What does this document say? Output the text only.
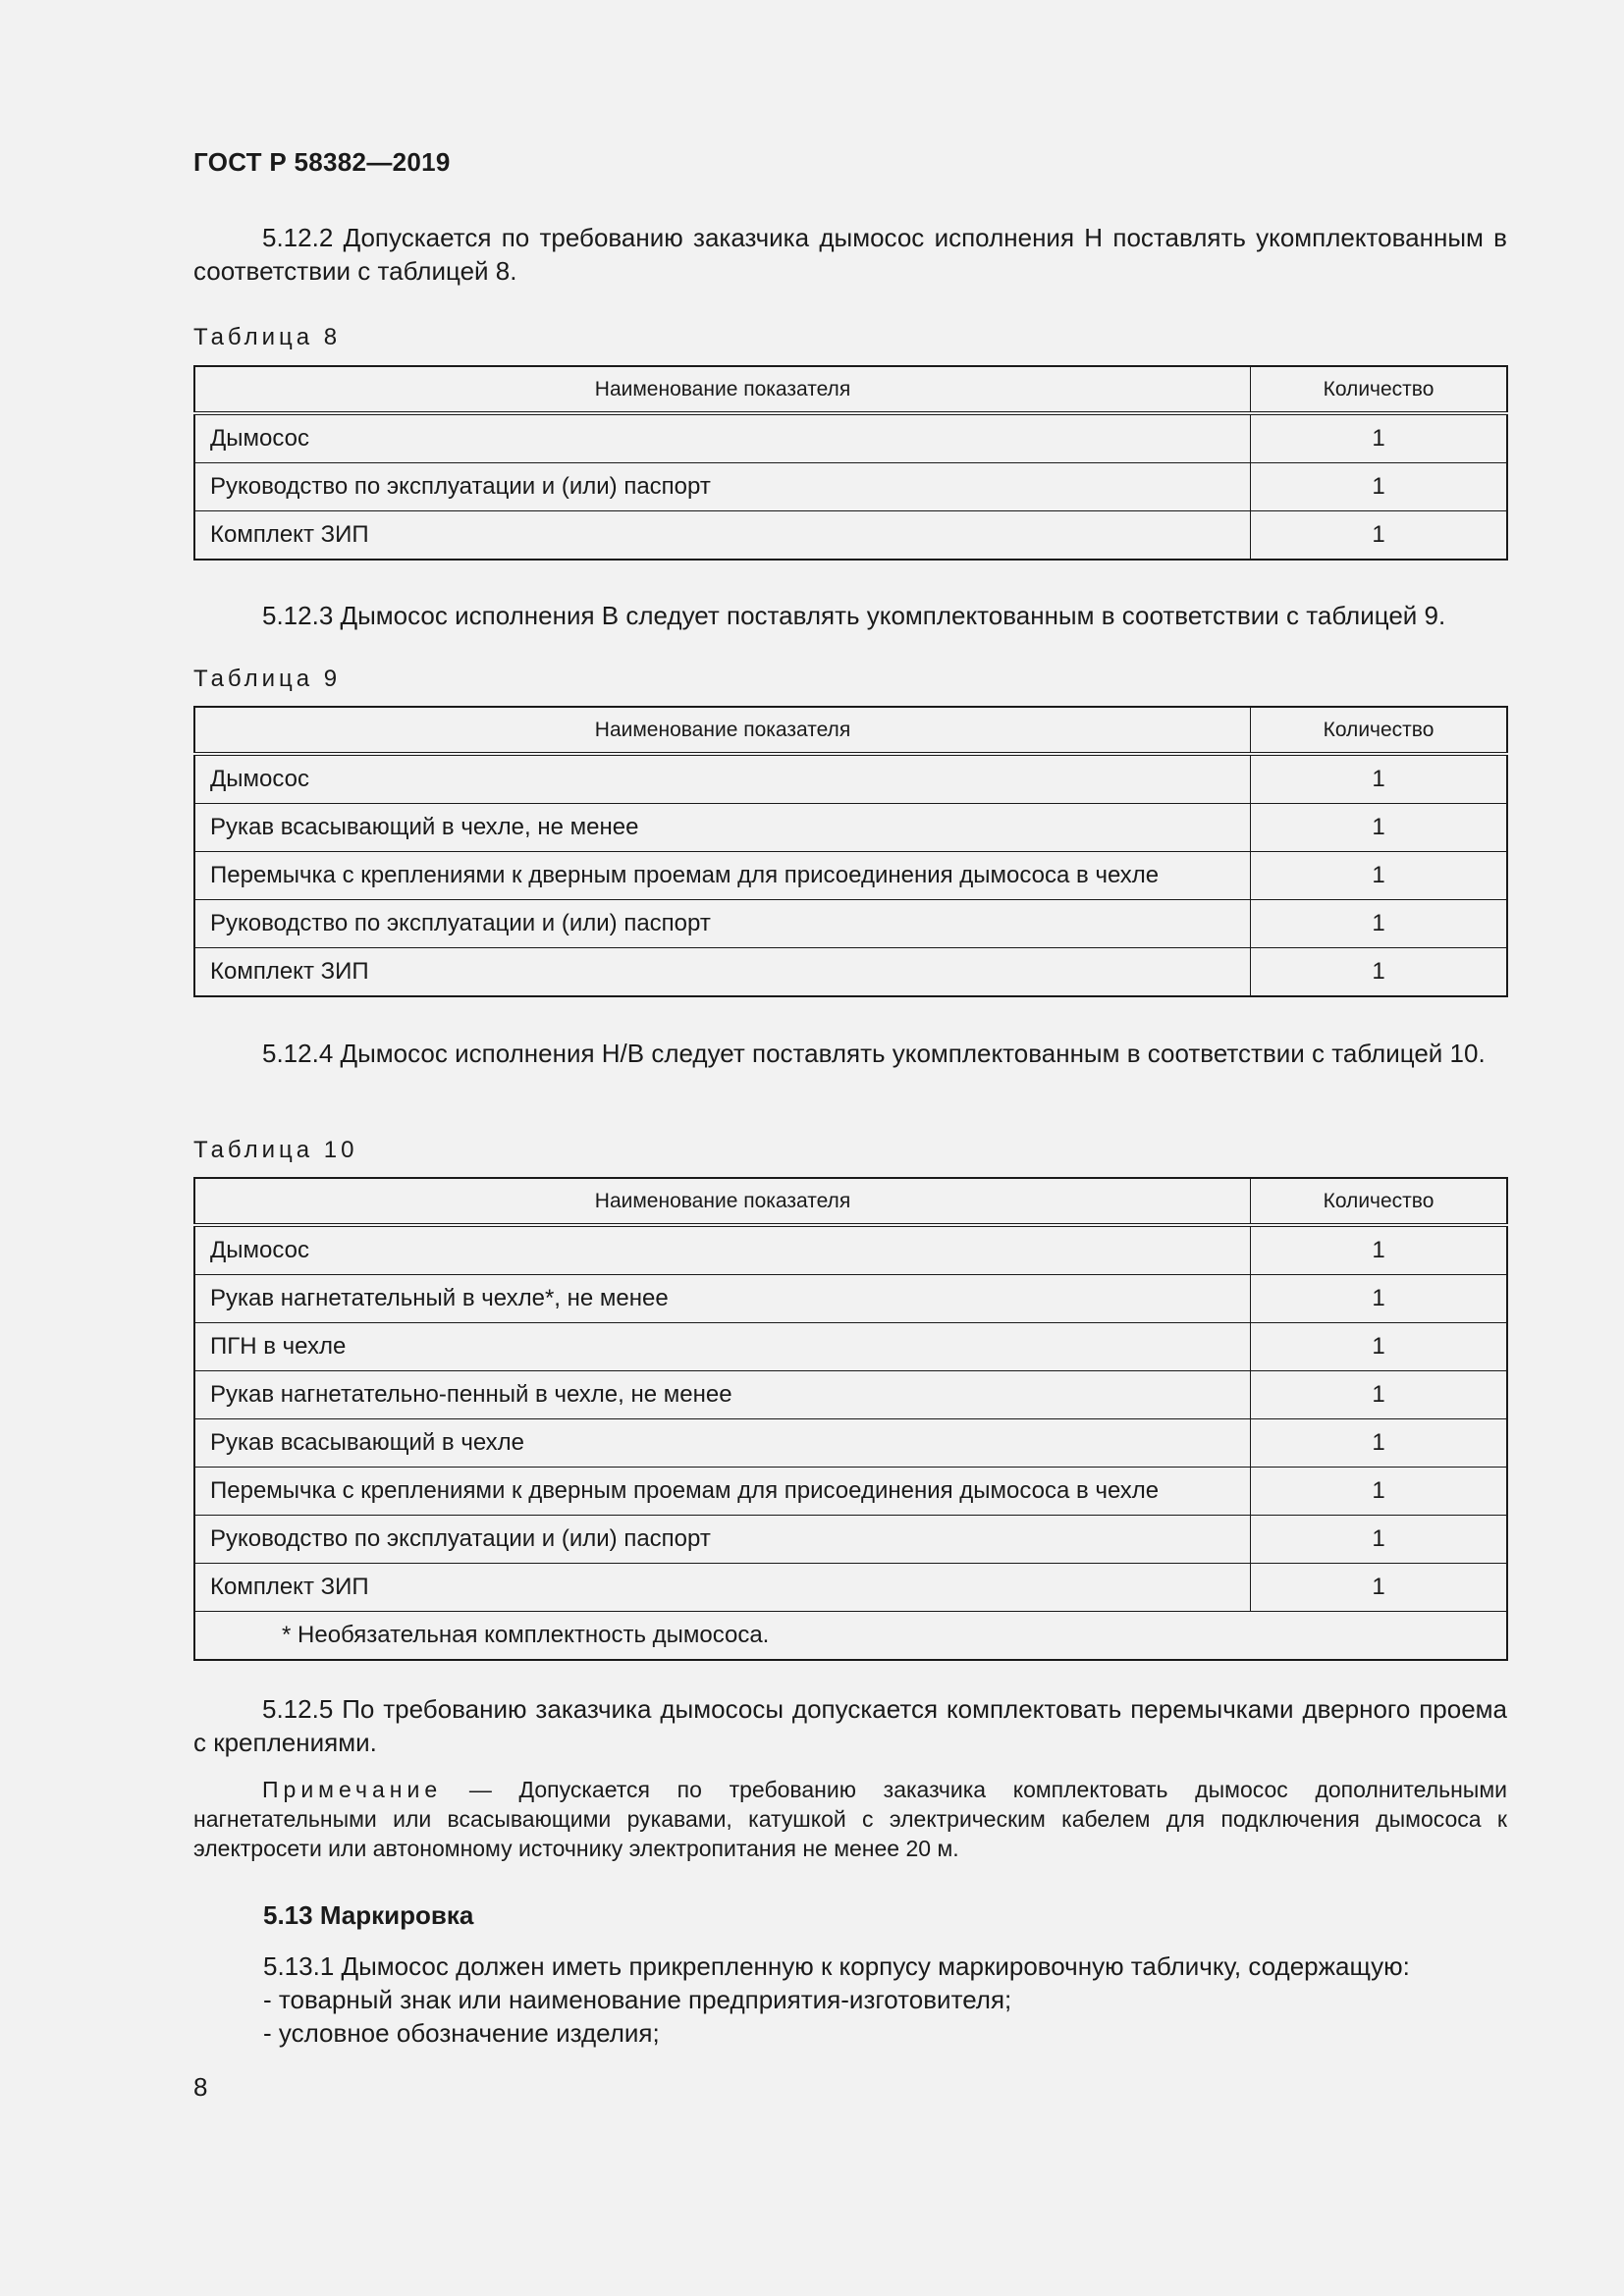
ГОСТ Р 58382—2019

5.12.2 Допускается по требованию заказчика дымосос исполнения Н поставлять укомплектованным в соответствии с таблицей 8.

Таблица 8
Наименование показателя	Количество
Дымосос	1
Руководство по эксплуатации и (или) паспорт	1
Комплект ЗИП	1

5.12.3 Дымосос исполнения В следует поставлять укомплектованным в соответствии с таблицей 9.

Таблица 9
Наименование показателя	Количество
Дымосос	1
Рукав всасывающий в чехле, не менее	1
Перемычка с креплениями к дверным проемам для присоединения дымососа в чехле	1
Руководство по эксплуатации и (или) паспорт	1
Комплект ЗИП	1

5.12.4 Дымосос исполнения Н/В следует поставлять укомплектованным в соответствии с таблицей 10.

Таблица 10
Наименование показателя	Количество
Дымосос	1
Рукав нагнетательный в чехле*, не менее	1
ПГН в чехле	1
Рукав нагнетательно-пенный в чехле, не менее	1
Рукав всасывающий в чехле	1
Перемычка с креплениями к дверным проемам для присоединения дымососа в чехле	1
Руководство по эксплуатации и (или) паспорт	1
Комплект ЗИП	1
* Необязательная комплектность дымососа.	

5.12.5 По требованию заказчика дымососы допускается комплектовать перемычками дверного проема с креплениями.

Примечание — Допускается по требованию заказчика комплектовать дымосос дополнительными нагнетательными или всасывающими рукавами, катушкой с электрическим кабелем для подключения дымососа к электросети или автономному источнику электропитания не менее 20 м.

5.13 Маркировка

5.13.1 Дымосос должен иметь прикрепленную к корпусу маркировочную табличку, содержащую:

- товарный знак или наименование предприятия-изготовителя;
- условное обозначение изделия;
8
